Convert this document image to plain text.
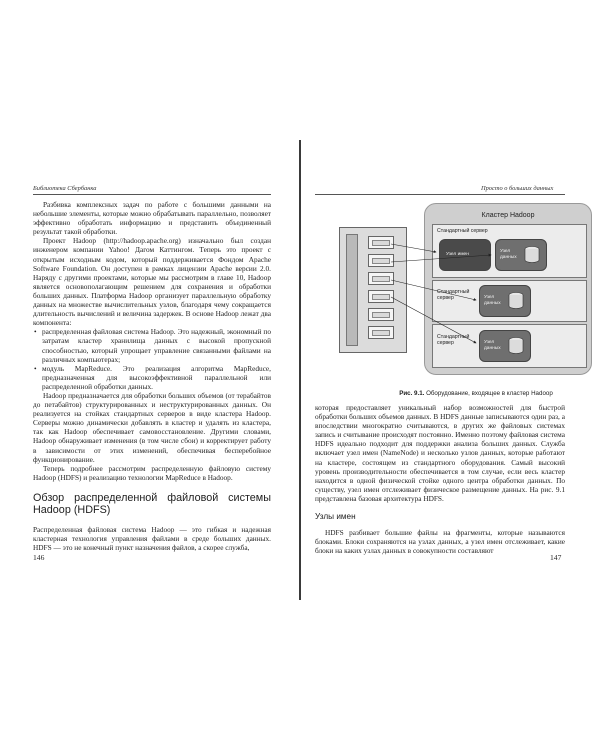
Библиотека Сбербанка

Разбивка комплексных задач по работе с большими данными на небольшие элементы, которые можно обрабатывать параллельно, позволяет эффективно обработать информацию и представить объединенный результат такой обработки.

Проект Hadoop (http://hadoop.apache.org) изначально был создан инженером компании Yahoo! Дагом Каттингом. Теперь это проект с открытым исходным кодом, который поддерживается Фондом Apache Software Foundation. Он доступен в рамках лицензии Apache версии 2.0. Наряду с другими проектами, которые мы рассмотрим в главе 10, Hadoop является основополагающим решением для сохранения и обработки больших данных. Платформа Hadoop организует параллельную обработку данных на множестве вычислительных узлов, благодаря чему сокращается длительность вычислений и величина задержек. В основе Hadoop лежат два компонента:

• распределенная файловая система Hadoop. Это надежный, экономный по затратам кластер хранилища данных с высокой пропускной способностью, который упрощает управление связанными файлами на различных компьютерах;
• модуль MapReduce. Это реализация алгоритма MapReduce, предназначенная для высокоэффективной параллельной или распределенной обработки данных.

Hadoop предназначается для обработки больших объемов (от терабайтов до петабайтов) структурированных и неструктурированных данных. Он реализуется на стойках стандартных серверов в виде кластера Hadoop. Серверы можно динамически добавлять в кластер и удалять из кластера, так как Hadoop обеспечивает самовосстановление. Другими словами, Hadoop обнаруживает изменения (в том числе сбои) и корректирует работу в зависимости от этих изменений, обеспечивая бесперебойное функционирование.

Теперь подробнее рассмотрим распределенную файловую систему Hadoop (HDFS) и реализацию технологии MapReduce в Hadoop.

Обзор распределенной файловой системы Hadoop (HDFS)

Распределенная файловая система Hadoop — это гибкая и надежная кластерная технология управления файлами в среде больших данных. HDFS — это не конечный пункт назначения файлов, а скорее служба,

146
Просто о больших данных
Кластер Hadoop
Стандартный сервер
Узел имен
Узел данных
Стандартный сервер	Узел данных
Стандартный сервер	Узел данных
Рис. 9.1. Оборудование, входящее в кластер Hadoop

которая предоставляет уникальный набор возможностей для быстрой обработки больших объемов данных. В HDFS данные записываются один раз, а впоследствии многократно считываются, в других же файловых системах запись и считывание происходят постоянно. Именно поэтому файловая система HDFS идеально подходит для поддержки анализа больших данных. Служба включает узел имен (NameNode) и несколько узлов данных, которые работают на кластере, состоящем из стандартного оборудования. Самый высокий уровень производительности обеспечивается в том случае, если весь кластер находится в одной физической стойке одного центра обработки данных. По существу, узел имен отслеживает физическое размещение данных. На рис. 9.1 представлена базовая архитектура HDFS.

Узлы имен

HDFS разбивает большие файлы на фрагменты, которые называются блоками. Блоки сохраняются на узлах данных, а узел имен отслеживает, какие блоки на каких узлах данных в совокупности составляют

147
